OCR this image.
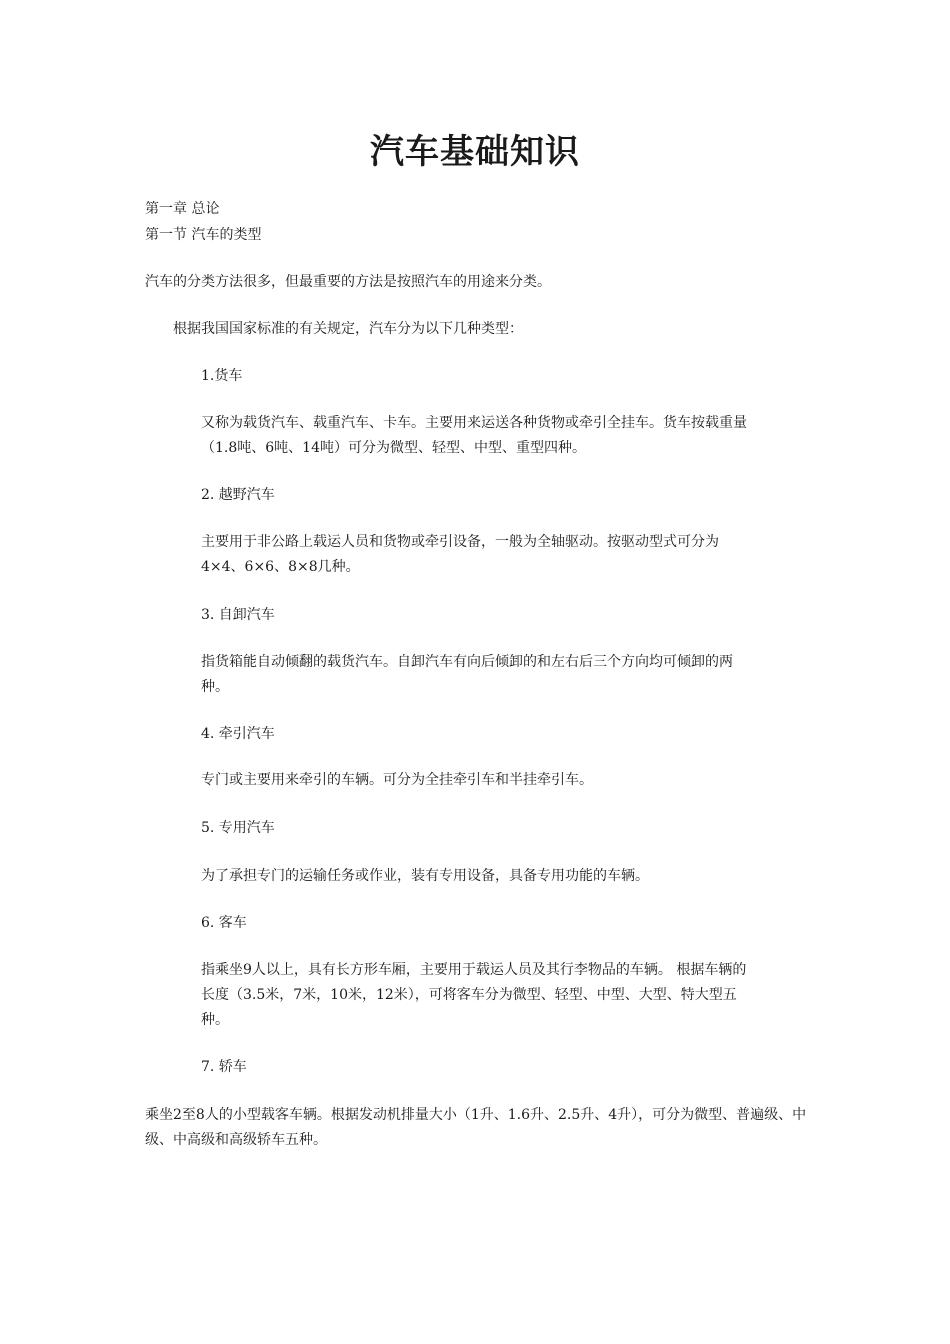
汽车基础知识
第一章 总论
第一节 汽车的类型
汽车的分类方法很多，但最重要的方法是按照汽车的用途来分类。
根据我国国家标准的有关规定，汽车分为以下几种类型：
1.货车
又称为载货汽车、载重汽车、卡车。主要用来运送各种货物或牵引全挂车。货车按载重量（1.8吨、6吨、14吨）可分为微型、轻型、中型、重型四种。
2. 越野汽车
主要用于非公路上载运人员和货物或牵引设备，一般为全轴驱动。按驱动型式可分为4×4、6×6、8×8几种。
3. 自卸汽车
指货箱能自动倾翻的载货汽车。自卸汽车有向后倾卸的和左右后三个方向均可倾卸的两种。
4. 牵引汽车
专门或主要用来牵引的车辆。可分为全挂牵引车和半挂牵引车。
5. 专用汽车
为了承担专门的运输任务或作业，装有专用设备，具备专用功能的车辆。
6. 客车
指乘坐9人以上，具有长方形车厢，主要用于载运人员及其行李物品的车辆。 根据车辆的长度（3.5米，7米，10米，12米），可将客车分为微型、轻型、中型、大型、特大型五种。
7. 轿车
乘坐2至8人的小型载客车辆。根据发动机排量大小（1升、1.6升、2.5升、4升），可分为微型、普遍级、中级、中高级和高级轿车五种。
